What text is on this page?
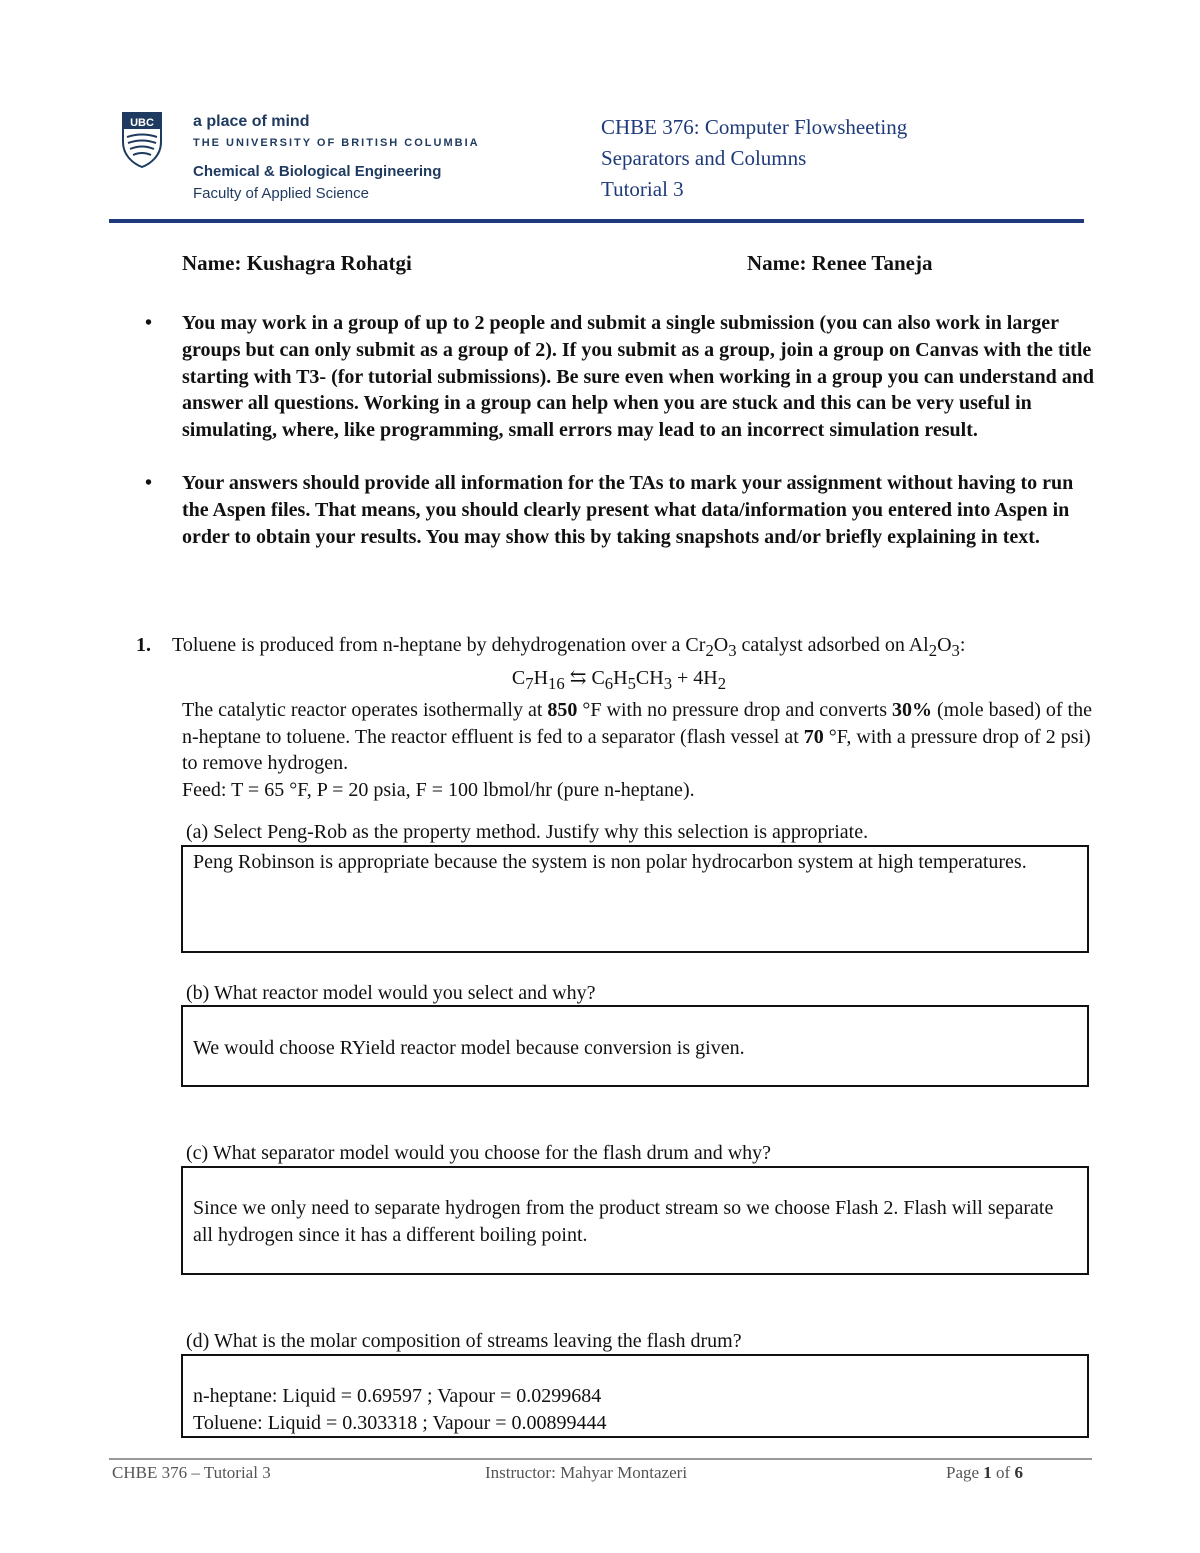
UBC a place of mind
THE UNIVERSITY OF BRITISH COLUMBIA
Chemical & Biological Engineering
Faculty of Applied Science
CHBE 376: Computer Flowsheeting
Separators and Columns
Tutorial 3
Name: Kushagra Rohatgi	Name: Renee Taneja
• You may work in a group of up to 2 people and submit a single submission (you can also work in larger groups but can only submit as a group of 2). If you submit as a group, join a group on Canvas with the title starting with T3- (for tutorial submissions). Be sure even when working in a group you can understand and answer all questions. Working in a group can help when you are stuck and this can be very useful in simulating, where, like programming, small errors may lead to an incorrect simulation result.
• Your answers should provide all information for the TAs to mark your assignment without having to run the Aspen files. That means, you should clearly present what data/information you entered into Aspen in order to obtain your results. You may show this by taking snapshots and/or briefly explaining in text.
1. Toluene is produced from n-heptane by dehydrogenation over a $Cr_2O_3$ catalyst adsorbed on $Al_2O_3$:
$C_7H_{16}$ ⇆ $C_6H_5CH_3 + 4H_2$
The catalytic reactor operates isothermally at 850 °F with no pressure drop and converts 30% (mole based) of the n-heptane to toluene. The reactor effluent is fed to a separator (flash vessel at 70 °F, with a pressure drop of 2 psi) to remove hydrogen.
Feed: T = 65 °F, P = 20 psia, F = 100 lbmol/hr (pure n-heptane).
(a) Select Peng-Rob as the property method. Justify why this selection is appropriate.
Peng Robinson is appropriate because the system is non polar hydrocarbon system at high temperatures.
(b) What reactor model would you select and why?
We would choose RYield reactor model because conversion is given.
(c) What separator model would you choose for the flash drum and why?
Since we only need to separate hydrogen from the product stream so we choose Flash 2. Flash will separate all hydrogen since it has a different boiling point.
(d) What is the molar composition of streams leaving the flash drum?
n-heptane: Liquid = 0.69597 ; Vapour = 0.0299684
Toluene: Liquid = 0.303318 ; Vapour = 0.00899444
CHBE 376 – Tutorial 3	Instructor: Mahyar Montazeri	Page 1 of 6
